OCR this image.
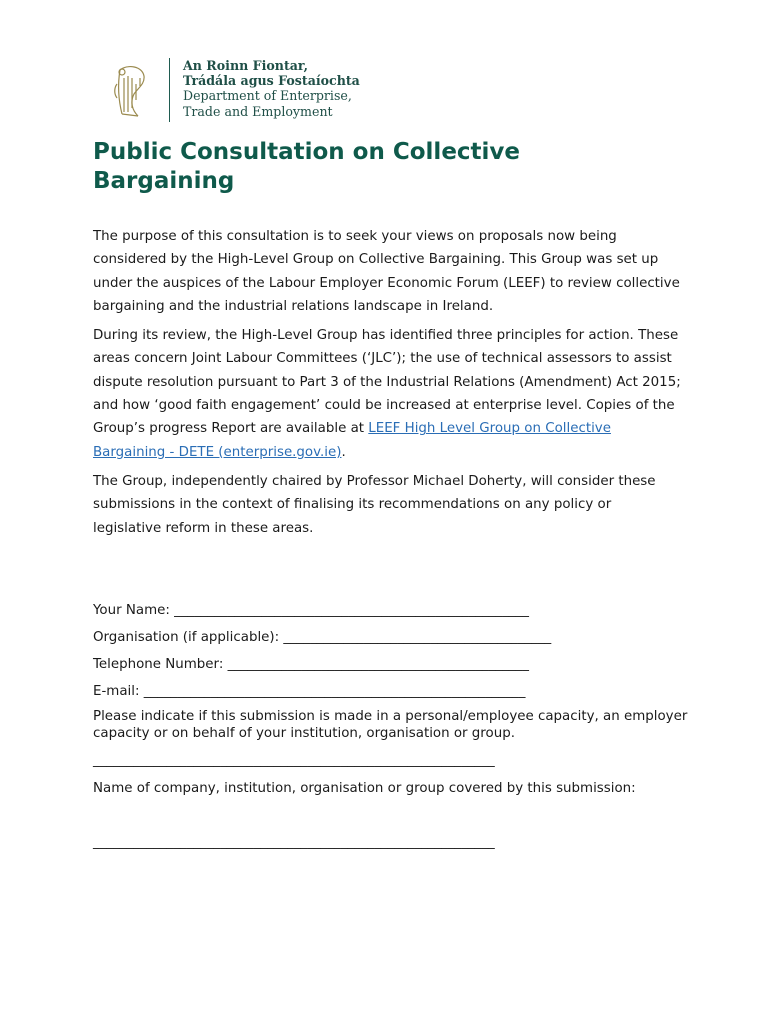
An Roinn Fiontar,
Trádála agus Fostaíochta
Department of Enterprise,
Trade and Employment
Public Consultation on Collective Bargaining

The purpose of this consultation is to seek your views on proposals now being considered by the High-Level Group on Collective Bargaining. This Group was set up under the auspices of the Labour Employer Economic Forum (LEEF) to review collective bargaining and the industrial relations landscape in Ireland.

During its review, the High-Level Group has identified three principles for action. These areas concern Joint Labour Committees (‘JLC’); the use of technical assessors to assist dispute resolution pursuant to Part 3 of the Industrial Relations (Amendment) Act 2015; and how ‘good faith engagement’ could be increased at enterprise level. Copies of the Group’s progress Report are available at LEEF High Level Group on Collective Bargaining - DETE (enterprise.gov.ie).

The Group, independently chaired by Professor Michael Doherty, will consider these submissions in the context of finalising its recommendations on any policy or legislative reform in these areas.

Your Name: _____________________________________________________
Organisation (if applicable): ________________________________________
Telephone Number: _____________________________________________
E-mail: _________________________________________________________
Please indicate if this submission is made in a personal/employee capacity, an employer capacity or on behalf of your institution, organisation or group.
____________________________________________________________
Name of company, institution, organisation or group covered by this submission:
____________________________________________________________
